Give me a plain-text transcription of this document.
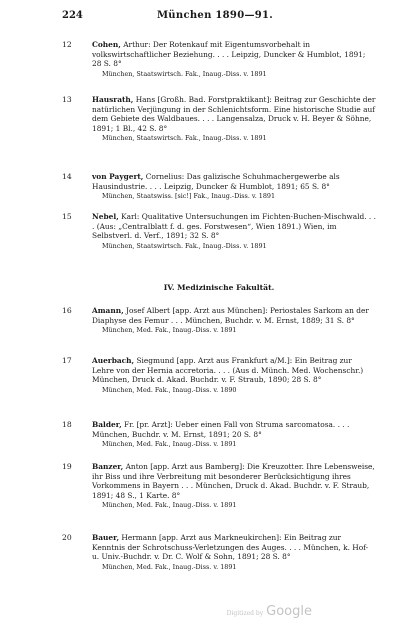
224	München 1890—91.
12	Cohen, Arthur: Der Rotenkauf mit Eigentumsvorbehalt in volkswirtschaftlicher Beziehung. . . . Leipzig, Duncker & Humblot, 1891; 28 S. 8°
München, Staatswirtsch. Fak., Inaug.-Diss. v. 1891
13	Hausrath, Hans [Großh. Bad. Forstpraktikant]: Beitrag zur Geschichte der natürlichen Verjüngung in der Schlenichtsform. Eine historische Studie auf dem Gebiete des Waldbaues. . . . Langensalza, Druck v. H. Beyer & Söhne, 1891; 1 Bl., 42 S. 8°
München, Staatswirtsch. Fak., Inaug.-Diss. v. 1891
14	von Paygert, Cornelius: Das galizische Schuhmachergewerbe als Hausindustrie. . . . Leipzig, Duncker & Humblot, 1891; 65 S. 8°
München, Staatswiss. [sic!] Fak., Inaug.-Diss. v. 1891
15	Nebel, Karl: Qualitative Untersuchungen im Fichten-Buchen-Mischwald. . . . (Aus: „Centralblatt f. d. ges. Forstwesen“, Wien 1891.) Wien, im Selbstverl. d. Verf., 1891; 32 S. 8°
München, Staatswirtsch. Fak., Inaug.-Diss. v. 1891
IV. Medizinische Fakultät.
16	Amann, Josef Albert [app. Arzt aus München]: Periostales Sarkom an der Diaphyse des Femur . . . München, Buchdr. v. M. Ernst, 1889; 31 S. 8°
München, Med. Fak., Inaug.-Diss. v. 1891
17	Auerbach, Siegmund [app. Arzt aus Frankfurt a/M.]: Ein Beitrag zur Lehre von der Hernia accretoria. . . . (Aus d. Münch. Med. Wochenschr.) München, Druck d. Akad. Buchdr. v. F. Straub, 1890; 28 S. 8°
München, Med. Fak., Inaug.-Diss. v. 1890
18	Balder, Fr. [pr. Arzt]: Ueber einen Fall von Struma sarcomatosa. . . . München, Buchdr. v. M. Ernst, 1891; 20 S. 8°
München, Med. Fak., Inaug.-Diss. v. 1891
19	Banzer, Anton [app. Arzt aus Bamberg]: Die Kreuzotter. Ihre Lebensweise, ihr Biss und ihre Verbreitung mit besonderer Berücksichtigung ihres Vorkommens in Bayern . . . München, Druck d. Akad. Buchdr. v. F. Straub, 1891; 48 S., 1 Karte. 8°
München, Med. Fak., Inaug.-Diss. v. 1891
20	Bauer, Hermann [app. Arzt aus Markneukirchen]: Ein Beitrag zur Kenntnis der Schrotschuss-Verletzungen des Auges. . . . München, k. Hof- u. Univ.-Buchdr. v. Dr. C. Wolf & Sohn, 1891; 28 S. 8°
München, Med. Fak., Inaug.-Diss. v. 1891
Digitized by Google
